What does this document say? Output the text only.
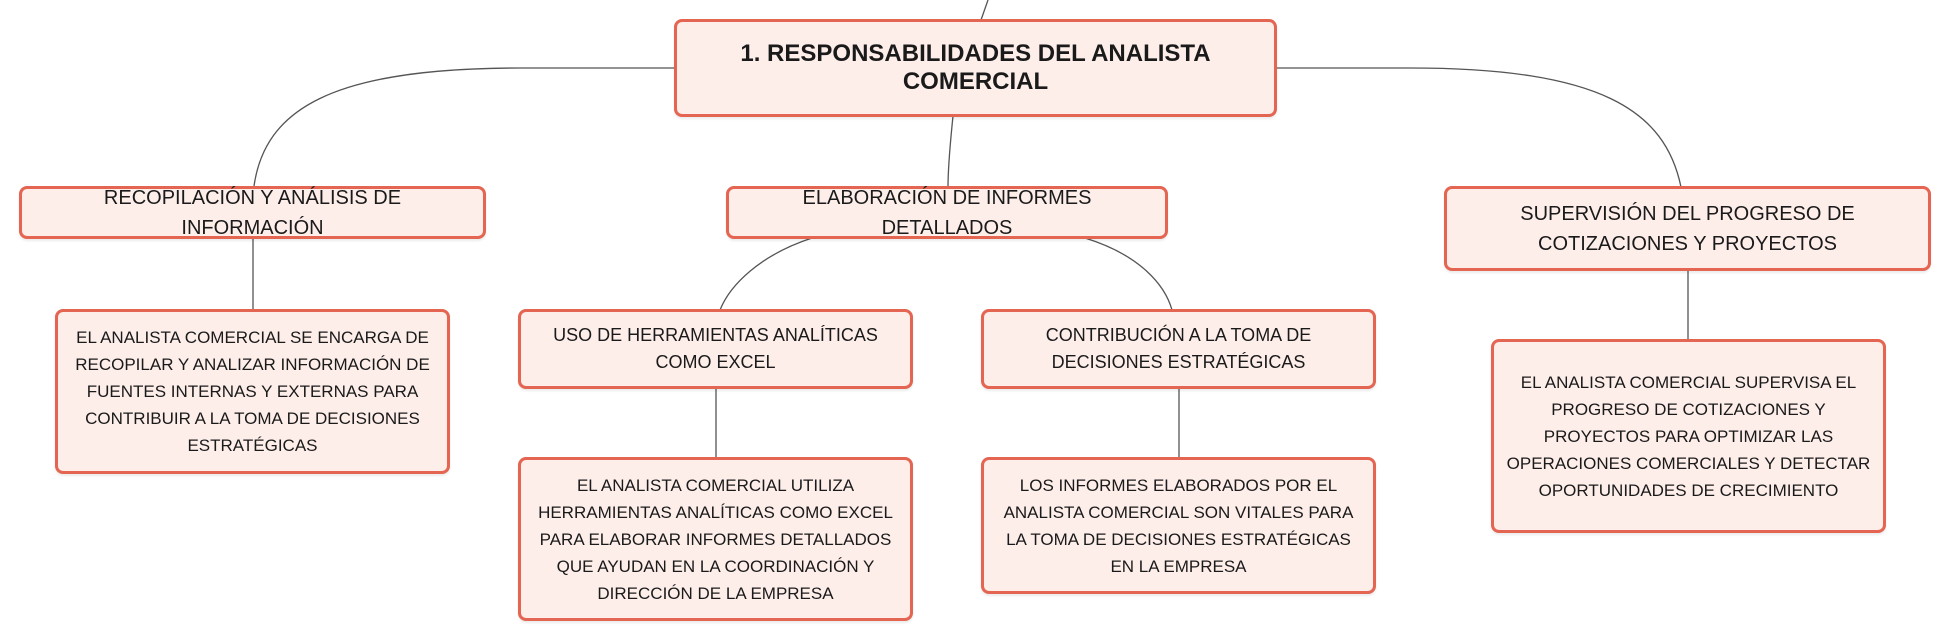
1. RESPONSABILIDADES DEL ANALISTA COMERCIAL
RECOPILACIÓN Y ANÁLISIS DE INFORMACIÓN
ELABORACIÓN DE INFORMES DETALLADOS
SUPERVISIÓN DEL PROGRESO DE COTIZACIONES Y PROYECTOS
EL ANALISTA COMERCIAL SE ENCARGA DE RECOPILAR Y ANALIZAR INFORMACIÓN DE FUENTES INTERNAS Y EXTERNAS PARA CONTRIBUIR A LA TOMA DE DECISIONES ESTRATÉGICAS
USO DE HERRAMIENTAS ANALÍTICAS COMO EXCEL
CONTRIBUCIÓN A LA TOMA DE DECISIONES ESTRATÉGICAS
EL ANALISTA COMERCIAL UTILIZA HERRAMIENTAS ANALÍTICAS COMO EXCEL PARA ELABORAR INFORMES DETALLADOS QUE AYUDAN EN LA COORDINACIÓN Y DIRECCIÓN DE LA EMPRESA
LOS INFORMES ELABORADOS POR EL ANALISTA COMERCIAL SON VITALES PARA LA TOMA DE DECISIONES ESTRATÉGICAS EN LA EMPRESA
EL ANALISTA COMERCIAL SUPERVISA EL PROGRESO DE COTIZACIONES Y PROYECTOS PARA OPTIMIZAR LAS OPERACIONES COMERCIALES Y DETECTAR OPORTUNIDADES DE CRECIMIENTO
